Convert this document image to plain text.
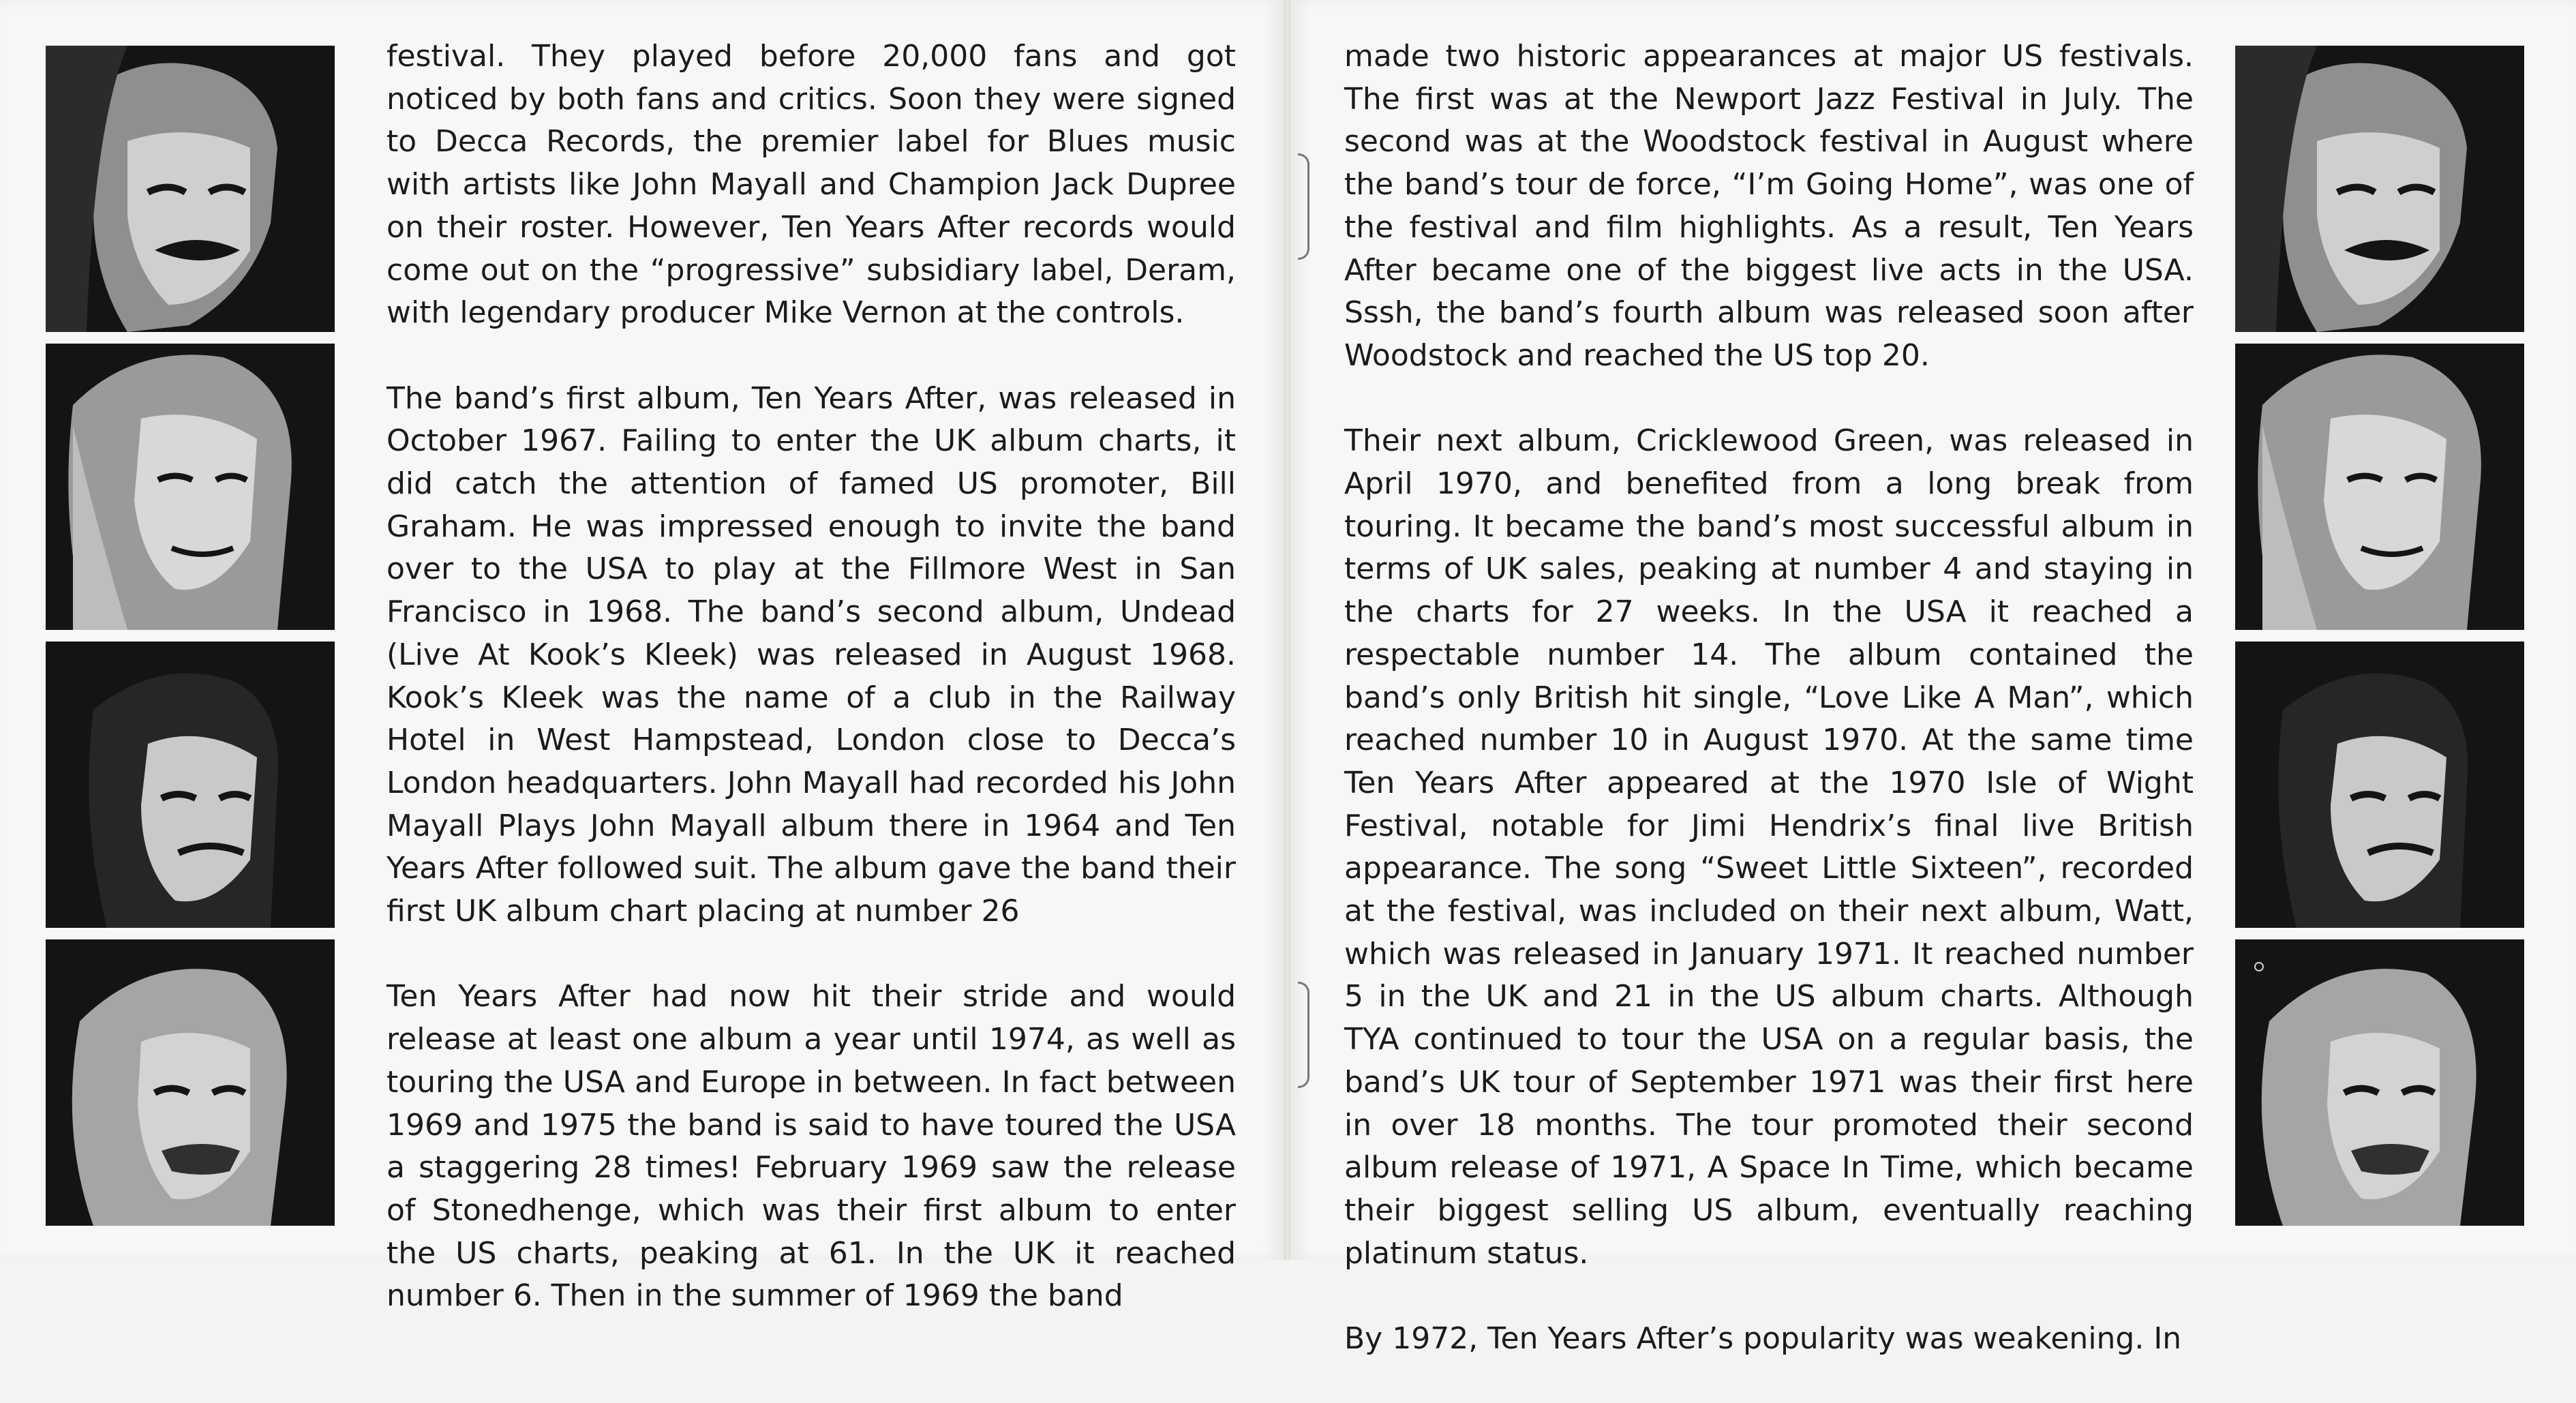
festival. They played before 20,000 fans and got noticed by both fans and critics. Soon they were signed to Decca Records, the premier label for Blues music with artists like John Mayall and Champion Jack Dupree on their roster. However, Ten Years After records would come out on the “progressive” subsidiary label, Deram, with legendary producer Mike Vernon at the controls.

The band’s first album, Ten Years After, was released in October 1967. Failing to enter the UK album charts, it did catch the attention of famed US promoter, Bill Graham. He was impressed enough to invite the band over to the USA to play at the Fillmore West in San Francisco in 1968. The band’s second album, Undead (Live At Kook’s Kleek) was released in August 1968. Kook’s Kleek was the name of a club in the Railway Hotel in West Hampstead, London close to Decca’s London headquarters. John Mayall had recorded his John Mayall Plays John Mayall album there in 1964 and Ten Years After followed suit. The album gave the band their first UK album chart placing at number 26

Ten Years After had now hit their stride and would release at least one album a year until 1974, as well as touring the USA and Europe in between. In fact between 1969 and 1975 the band is said to have toured the USA a staggering 28 times! February 1969 saw the release of Stonedhenge, which was their first album to enter the US charts, peaking at 61. In the UK it reached number 6. Then in the summer of 1969 the band

made two historic appearances at major US festivals. The first was at the Newport Jazz Festival in July. The second was at the Woodstock festival in August where the band’s tour de force, “I’m Going Home”, was one of the festival and film highlights. As a result, Ten Years After became one of the biggest live acts in the USA. Sssh, the band’s fourth album was released soon after Woodstock and reached the US top 20.

Their next album, Cricklewood Green, was released in April 1970, and benefited from a long break from touring. It became the band’s most successful album in terms of UK sales, peaking at number 4 and staying in the charts for 27 weeks. In the USA it reached a respectable number 14. The album contained the band’s only British hit single, “Love Like A Man”, which reached number 10 in August 1970. At the same time Ten Years After appeared at the 1970 Isle of Wight Festival, notable for Jimi Hendrix’s final live British appearance. The song “Sweet Little Sixteen”, recorded at the festival, was included on their next album, Watt, which was released in January 1971. It reached number 5 in the UK and 21 in the US album charts. Although TYA continued to tour the USA on a regular basis, the band’s UK tour of September 1971 was their first here in over 18 months. The tour promoted their second album release of 1971, A Space In Time, which became their biggest selling US album, eventually reaching platinum status.

By 1972, Ten Years After’s popularity was weakening. In
